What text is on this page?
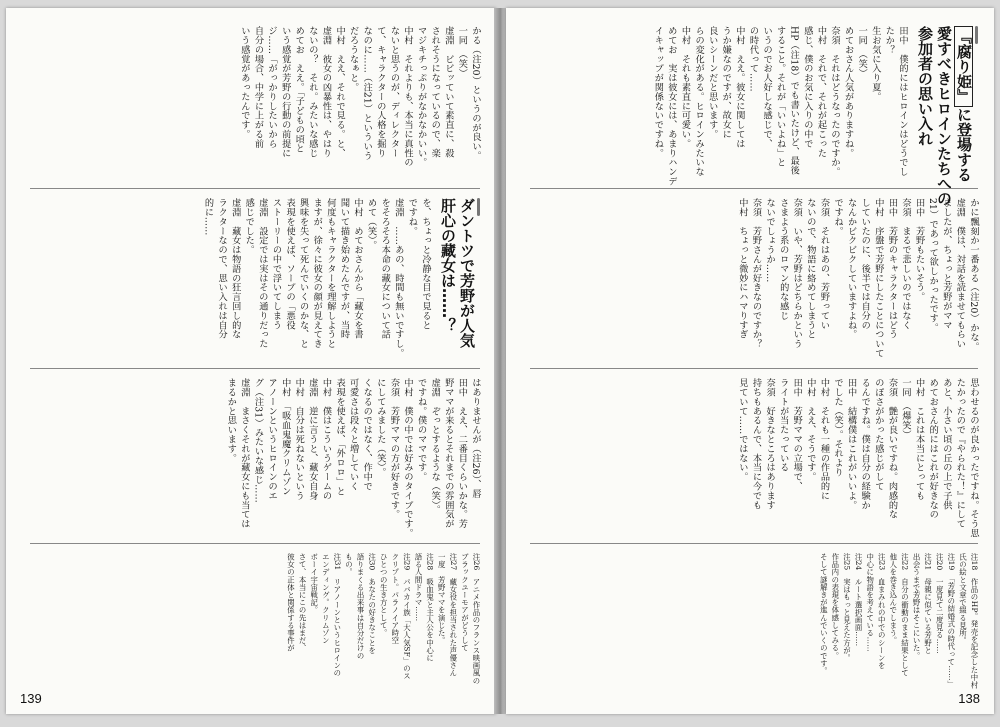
かる（注20）というのが良い。
一同　（笑）
虚淵　ビビッていて素直に、殺
されそうになっているので、楽
マジキチっぷりがなかなかいい。
中村　それよりも、本当に真性の
ないと思うのが、ディレクター
て、キャラクターの人格を掘り
なのに……（注21）といういう
だろうなぁと。
中村　ええ、それで見る。と、
虚淵　彼女の凶暴性は、やはり
ないの？　それ。みたいな感じ
めてお　ええ。「子どもの頃と
いう感覚が芳野の行動の前提に
ジ……「がっかりしたいから
自分の場合、中学に上がる前
いう感覚があったんです。
ダントツで芳野が人気
肝心の藏女は……？
を、ちょっと冷静な目で見ると
ですね。
虚淵　……あの、時間も無いですし。
をそろそろ本命の藏女について話
めて（笑）。
中村　めておさんから「藏女を書
聞いて描き始めたんですが、当時
何度もキャラクターを理解しようと
ますが、徐々に彼女の顔が見えてき
興味を失って死んでいくのかな、と
表現を使えば、ソープの「悪役
ストーリーの中で浮いてしまう
虚淵　設定では実はその通りだった
感じでした。
虚淵　藏女は物語の狂言回し的な
ラクターなので、思い入れは自分
的に……
はありませんが（注26）、唇
田中　ええ、二番目くらいかな。芳
野ママが来るとそれまでの雰囲気が
虚淵　ぞっとするような（笑）。
ですね。僕のママです。
中村　僕の中では好みのタイプです。
奈須　芳野ママの方が好きです。
にしてみました（笑）。
くなるのではなく、作中で
可愛さは段々と増していく
表現を使えば、「外ロロ」と
中村　僕はこういうゲームの
虚淵　逆に言うと、藏女自身
中村　自分は死ねないという
中村　「吸血鬼魔クリムゾン
アノーンというヒロインのエ
グ（注31）みたいな感じ……
虚淵　まさくそれが藏女にも当ては
まるかと思います。
注26　アニメ作品のフランス映画風の
ブラックユーモアがどうして
注27　藏女役を担当された声優さん
一度　芳野ママを演じた。
注28　吸血鬼と主人公を中心に
語る人間ドラマ……
注29　パバカイ族「大人気SF」のス
クリプト。パラノイア時空
ひとつの生き方として。
注30　あなたの好きなことを
語りまくる出来事は自分だけの
もの。
注31　リアノーンというヒロインの
エンディング。クリムゾン
ボーイ宇宙戦記。
さて、本当にこの先はまだ、
彼女の正体と関係する事件が
139
『腐り姫』に登場する
愛すべきヒロインたちへの
参加者の思い入れ
田中　僕的にはヒロインはどうでし
たか？
生お気に入り夏。
一同　（笑）
めておさん人気がありますね。
奈須　それはどうなったのですか。
中村　それで、それが起こった
感じ、僕のお気に入りの中で
HP（注18）でも書いたけど、最後
すること。それが「いいよね」と
いうのでお人好しな感じで、
の時代って……
中村　ええ。彼女に関しては
うか嫌なのですが、故女に
良いシーンだと思います。
らの変化がある。ヒロインみたいな
中村　それも素直に可愛い。
めてお　実は彼女には、あまりハンデ
イキャップが関係ないですね。
かに飄刻か一番ある（注20）かな。
虚淵　僕は、対話を読ませてもらい
ましたが、ちょっと芳野がママ
21）であって欲しかったです。
田中　芳野もたいそう。
奈須　まるで悲しいのではなく
田中　芳野のキャラクターはどう
中村　序盤で芳野にしたことについて
していたのに、後半では自分の
なんかビクビクしていますよね。
ですね。
奈須　それはあの、芳野ってい
ないので、物語に絡めてしまうと
奈須　いや、芳野はどちらかという
さまよう系のロマン的な感じ
ないでしょうか……
奈須　芳野さんが好きなのですか？
中村　ちょっと微妙にハマりすぎ
思わせるのが良かったですね。そう思
たかったので『やられた！』にして
あと、小さい頃の丘の上で子供
めておさん的にはこれが好きなの
中村　これは本当にとっても
一同　（爆笑）
奈須　艶が良いですね。肉感的な
のぽさがかった感じがして
るんですね。僕は自分の経験か
田中　結構僕はこれがいいよ。
でした（笑）。それより
中村　それも一種の作品的に
中村　ええ、そうです。
田中　芳野ママの立場で、
ライトが当たっている
奈須　好きなところはあります
持ちもあるんで、本当に今でも
見ていて……ではない。
注18　作品のHP。発売を記念した中村
氏の絵と文章で綴る見所。
注19　「芳野の結婚式の時代って……」
注20　一度見て二度見る……
注21　母親に似ている芳野と
出会うまで芳野はそこにいた。
注22　自分の衝動のまま結果として
他人を巻き込んでしまう。
注23　血まみれの中でのシーンを
中心に物語を考えている……
注24　ルート選択画面……
注25　実はもっと見えた方が。
作品内の表現を体感してみる。
そして謎解きが進んでいくのです。
138
